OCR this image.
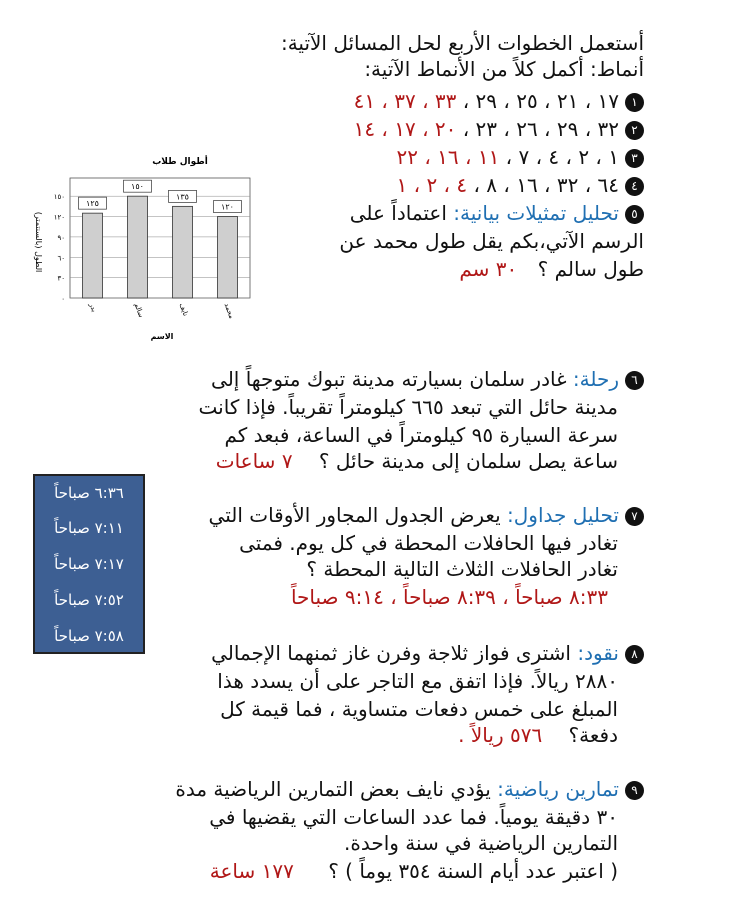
أستعمل الخطوات الأربع لحل المسائل الآتية:
أنماط: أكمل كلاً من الأنماط الآتية:
١١٧ ، ٢١ ، ٢٥ ، ٢٩ ، ٣٣ ، ٣٧ ، ٤١
٢٣٢ ، ٢٩ ، ٢٦ ، ٢٣ ، ٢٠ ، ١٧ ، ١٤
٣١ ، ٢ ، ٤ ، ٧ ، ١١ ، ١٦ ، ٢٢
٤٦٤ ، ٣٢ ، ١٦ ، ٨ ، ٤ ، ٢ ، ١
٥تحليل تمثيلات بيانية: اعتماداً على
الرسم الآتي،بكم يقل طول محمد عن
طول سالم ؟ ٣٠ سم
أطوال طلاب
الطول (بالسنتمتر)
الاسم
١٢٥
١٥٠
١٣٥
١٢٠
٠
٣٠
٦٠
٩٠
١٢٠
١٥٠
بدر	سالم	نايف	محمد
٦رحلة: غادر سلمان بسيارته مدينة تبوك متوجهاً إلى
مدينة حائل التي تبعد ٦٦٥ كيلومتراً تقريباً. فإذا كانت
سرعة السيارة ٩٥ كيلومتراً في الساعة، فبعد كم
ساعة يصل سلمان إلى مدينة حائل ؟ ٧ ساعات
٦:٣٦ صباحاً
٧:١١ صباحاً
٧:١٧ صباحاً
٧:٥٢ صباحاً
٧:٥٨ صباحاً
٧تحليل جداول: يعرض الجدول المجاور الأوقات التي
تغادر فيها الحافلات المحطة في كل يوم. فمتى
تغادر الحافلات الثلاث التالية المحطة ؟
٨:٣٣ صباحاً ، ٨:٣٩ صباحاً ، ٩:١٤ صباحاً
٨نقود: اشترى فواز ثلاجة وفرن غاز ثمنهما الإجمالي
٢٨٨٠ ريالاً. فإذا اتفق مع التاجر على أن يسدد هذا
المبلغ على خمس دفعات متساوية ، فما قيمة كل
دفعة؟ ٥٧٦ ريالاً .
٩تمارين رياضية: يؤدي نايف بعض التمارين الرياضية مدة
٣٠ دقيقة يومياً. فما عدد الساعات التي يقضيها في
التمارين الرياضية في سنة واحدة.
( اعتبر عدد أيام السنة ٣٥٤ يوماً ) ؟ ١٧٧ ساعة
